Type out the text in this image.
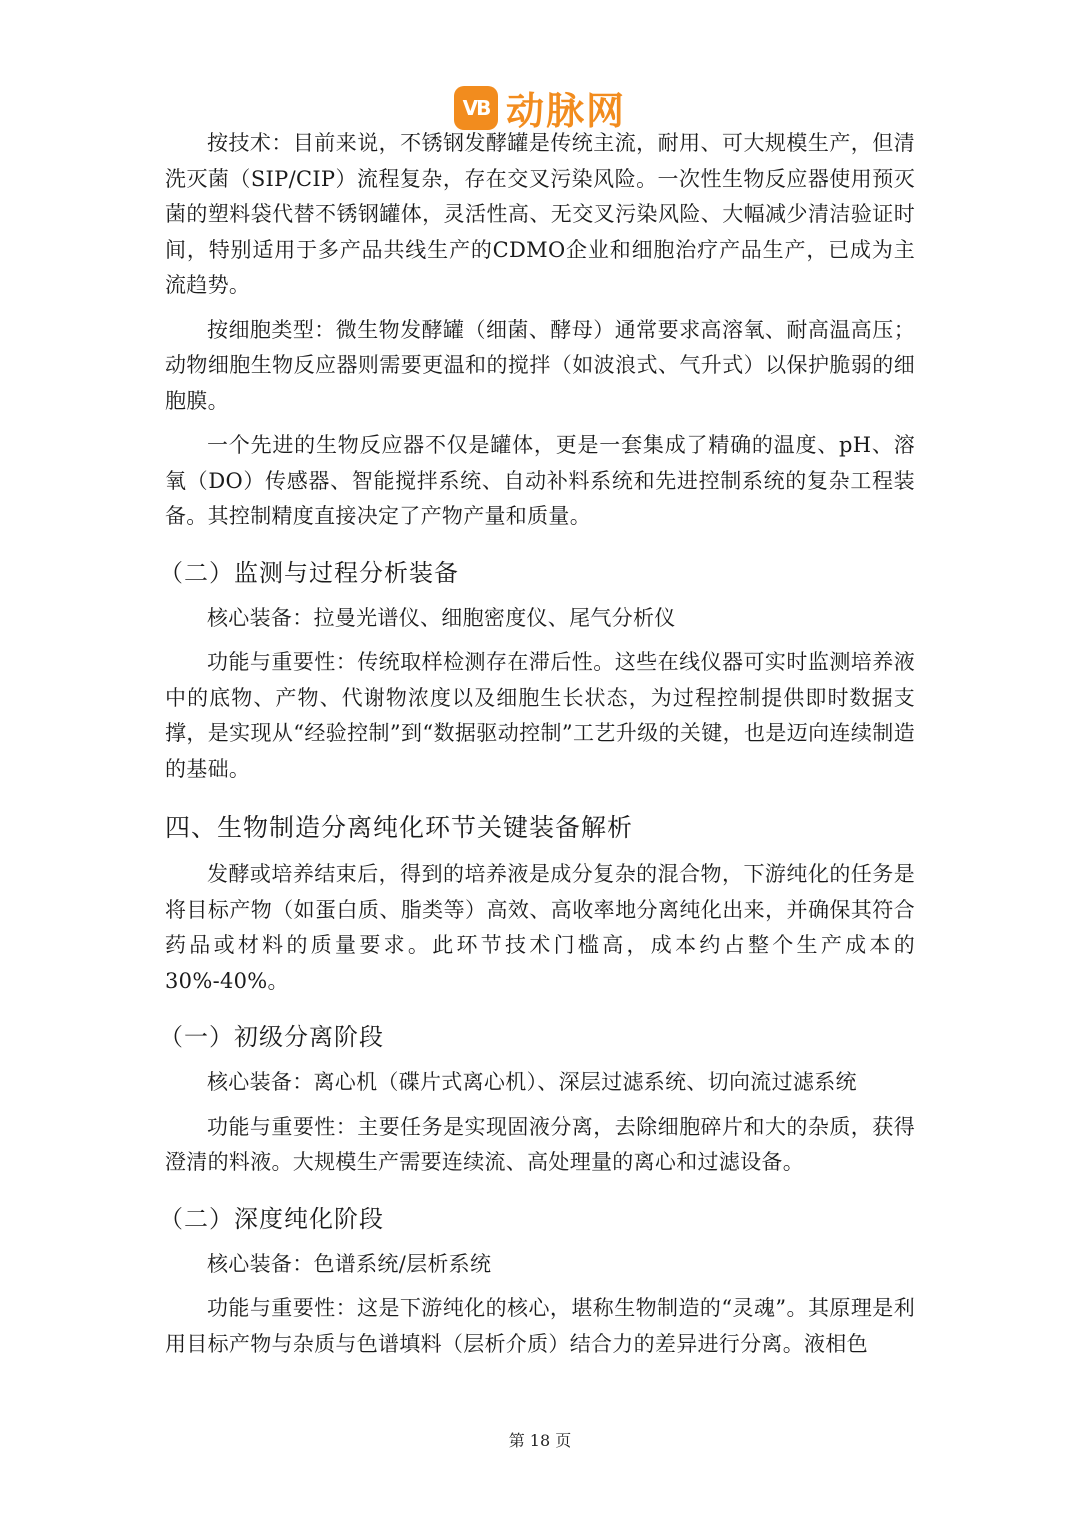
VB 动脉网

按技术：目前来说，不锈钢发酵罐是传统主流，耐用、可大规模生产，但清洗灭菌（SIP/CIP）流程复杂，存在交叉污染风险。一次性生物反应器使用预灭菌的塑料袋代替不锈钢罐体，灵活性高、无交叉污染风险、大幅减少清洁验证时间，特别适用于多产品共线生产的CDMO企业和细胞治疗产品生产，已成为主流趋势。

按细胞类型：微生物发酵罐（细菌、酵母）通常要求高溶氧、耐高温高压；动物细胞生物反应器则需要更温和的搅拌（如波浪式、气升式）以保护脆弱的细胞膜。

一个先进的生物反应器不仅是罐体，更是一套集成了精确的温度、pH、溶氧（DO）传感器、智能搅拌系统、自动补料系统和先进控制系统的复杂工程装备。其控制精度直接决定了产物产量和质量。

（二）监测与过程分析装备

核心装备：拉曼光谱仪、细胞密度仪、尾气分析仪

功能与重要性：传统取样检测存在滞后性。这些在线仪器可实时监测培养液中的底物、产物、代谢物浓度以及细胞生长状态，为过程控制提供即时数据支撑，是实现从“经验控制”到“数据驱动控制”工艺升级的关键，也是迈向连续制造的基础。

四、生物制造分离纯化环节关键装备解析

发酵或培养结束后，得到的培养液是成分复杂的混合物，下游纯化的任务是将目标产物（如蛋白质、脂类等）高效、高收率地分离纯化出来，并确保其符合药品或材料的质量要求。此环节技术门槛高，成本约占整个生产成本的30%-40%。

（一）初级分离阶段

核心装备：离心机（碟片式离心机）、深层过滤系统、切向流过滤系统

功能与重要性：主要任务是实现固液分离，去除细胞碎片和大的杂质，获得澄清的料液。大规模生产需要连续流、高处理量的离心和过滤设备。

（二）深度纯化阶段

核心装备：色谱系统/层析系统

功能与重要性：这是下游纯化的核心，堪称生物制造的“灵魂”。其原理是利用目标产物与杂质与色谱填料（层析介质）结合力的差异进行分离。液相色

第 18 页
